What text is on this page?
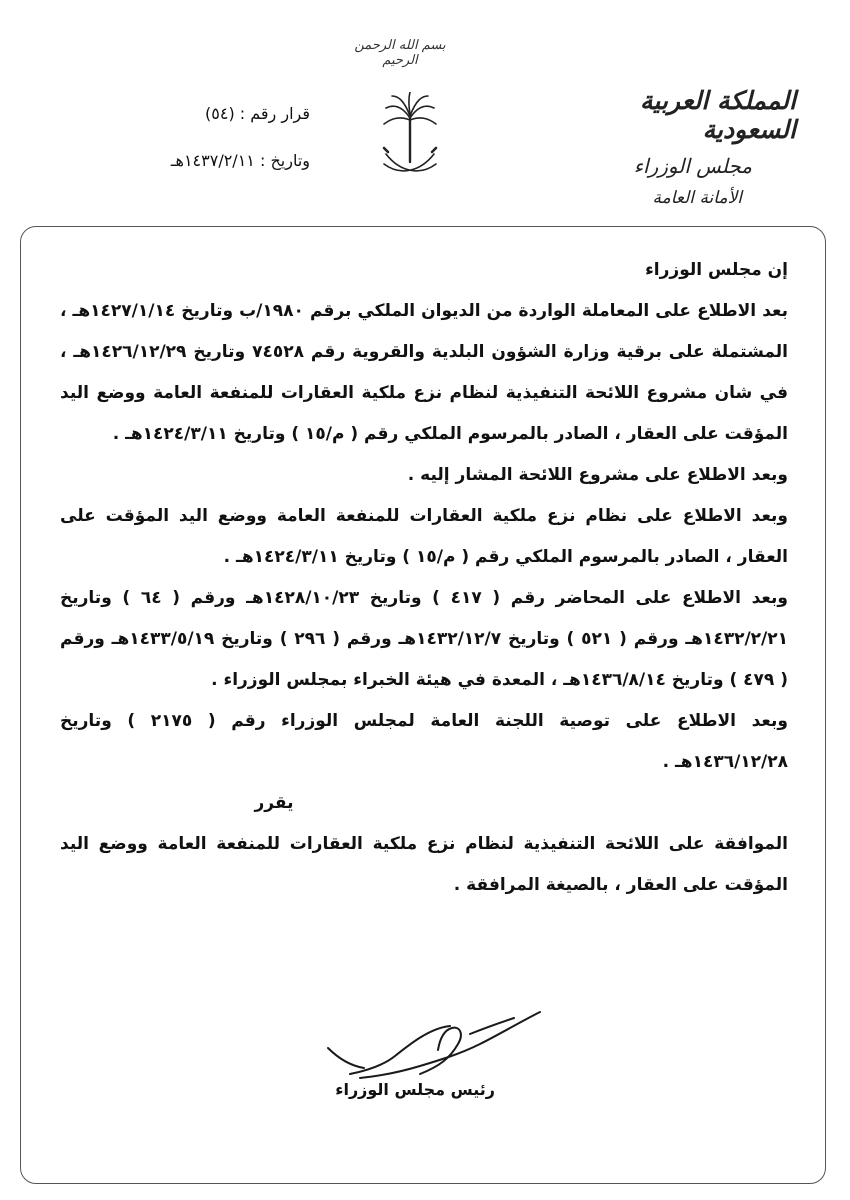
بسم الله الرحمن الرحيم
المملكة العربية السعودية
مجلس الوزراء
الأمانة العامة
قرار رقم : (٥٤)
وتاريخ : ١٤٣٧/٢/١١هـ

إن مجلس الوزراء

بعد الاطلاع على المعاملة الواردة من الديوان الملكي برقم ١٩٨٠/ب وتاريخ ١٤٢٧/١/١٤هـ ، المشتملة على برقية وزارة الشؤون البلدية والقروية رقم ٧٤٥٢٨ وتاريخ ١٤٢٦/١٢/٢٩هـ ، في شان مشروع اللائحة التنفيذية لنظام نزع ملكية العقارات للمنفعة العامة ووضع اليد المؤقت على العقار ، الصادر بالمرسوم الملكي رقم ( م/١٥ ) وتاريخ ١٤٢٤/٣/١١هـ .

وبعد الاطلاع على مشروع اللائحة المشار إليه .

وبعد الاطلاع على نظام نزع ملكية العقارات للمنفعة العامة ووضع اليد المؤقت على العقار ، الصادر بالمرسوم الملكي رقم ( م/١٥ ) وتاريخ ١٤٢٤/٣/١١هـ .

وبعد الاطلاع على المحاضر رقم ( ٤١٧ ) وتاريخ ١٤٢٨/١٠/٢٣هـ ورقم ( ٦٤ ) وتاريخ ١٤٣٢/٢/٢١هـ ورقم ( ٥٢١ ) وتاريخ ١٤٣٢/١٢/٧هـ ورقم ( ٢٩٦ ) وتاريخ ١٤٣٣/٥/١٩هـ ورقم ( ٤٧٩ ) وتاريخ ١٤٣٦/٨/١٤هـ ، المعدة في هيئة الخبراء بمجلس الوزراء .

وبعد الاطلاع على توصية اللجنة العامة لمجلس الوزراء رقم ( ٢١٧٥ ) وتاريخ ١٤٣٦/١٢/٢٨هـ .

يقرر

الموافقة على اللائحة التنفيذية لنظام نزع ملكية العقارات للمنفعة العامة ووضع اليد المؤقت على العقار ، بالصيغة المرافقة .

رئيس مجلس الوزراء
